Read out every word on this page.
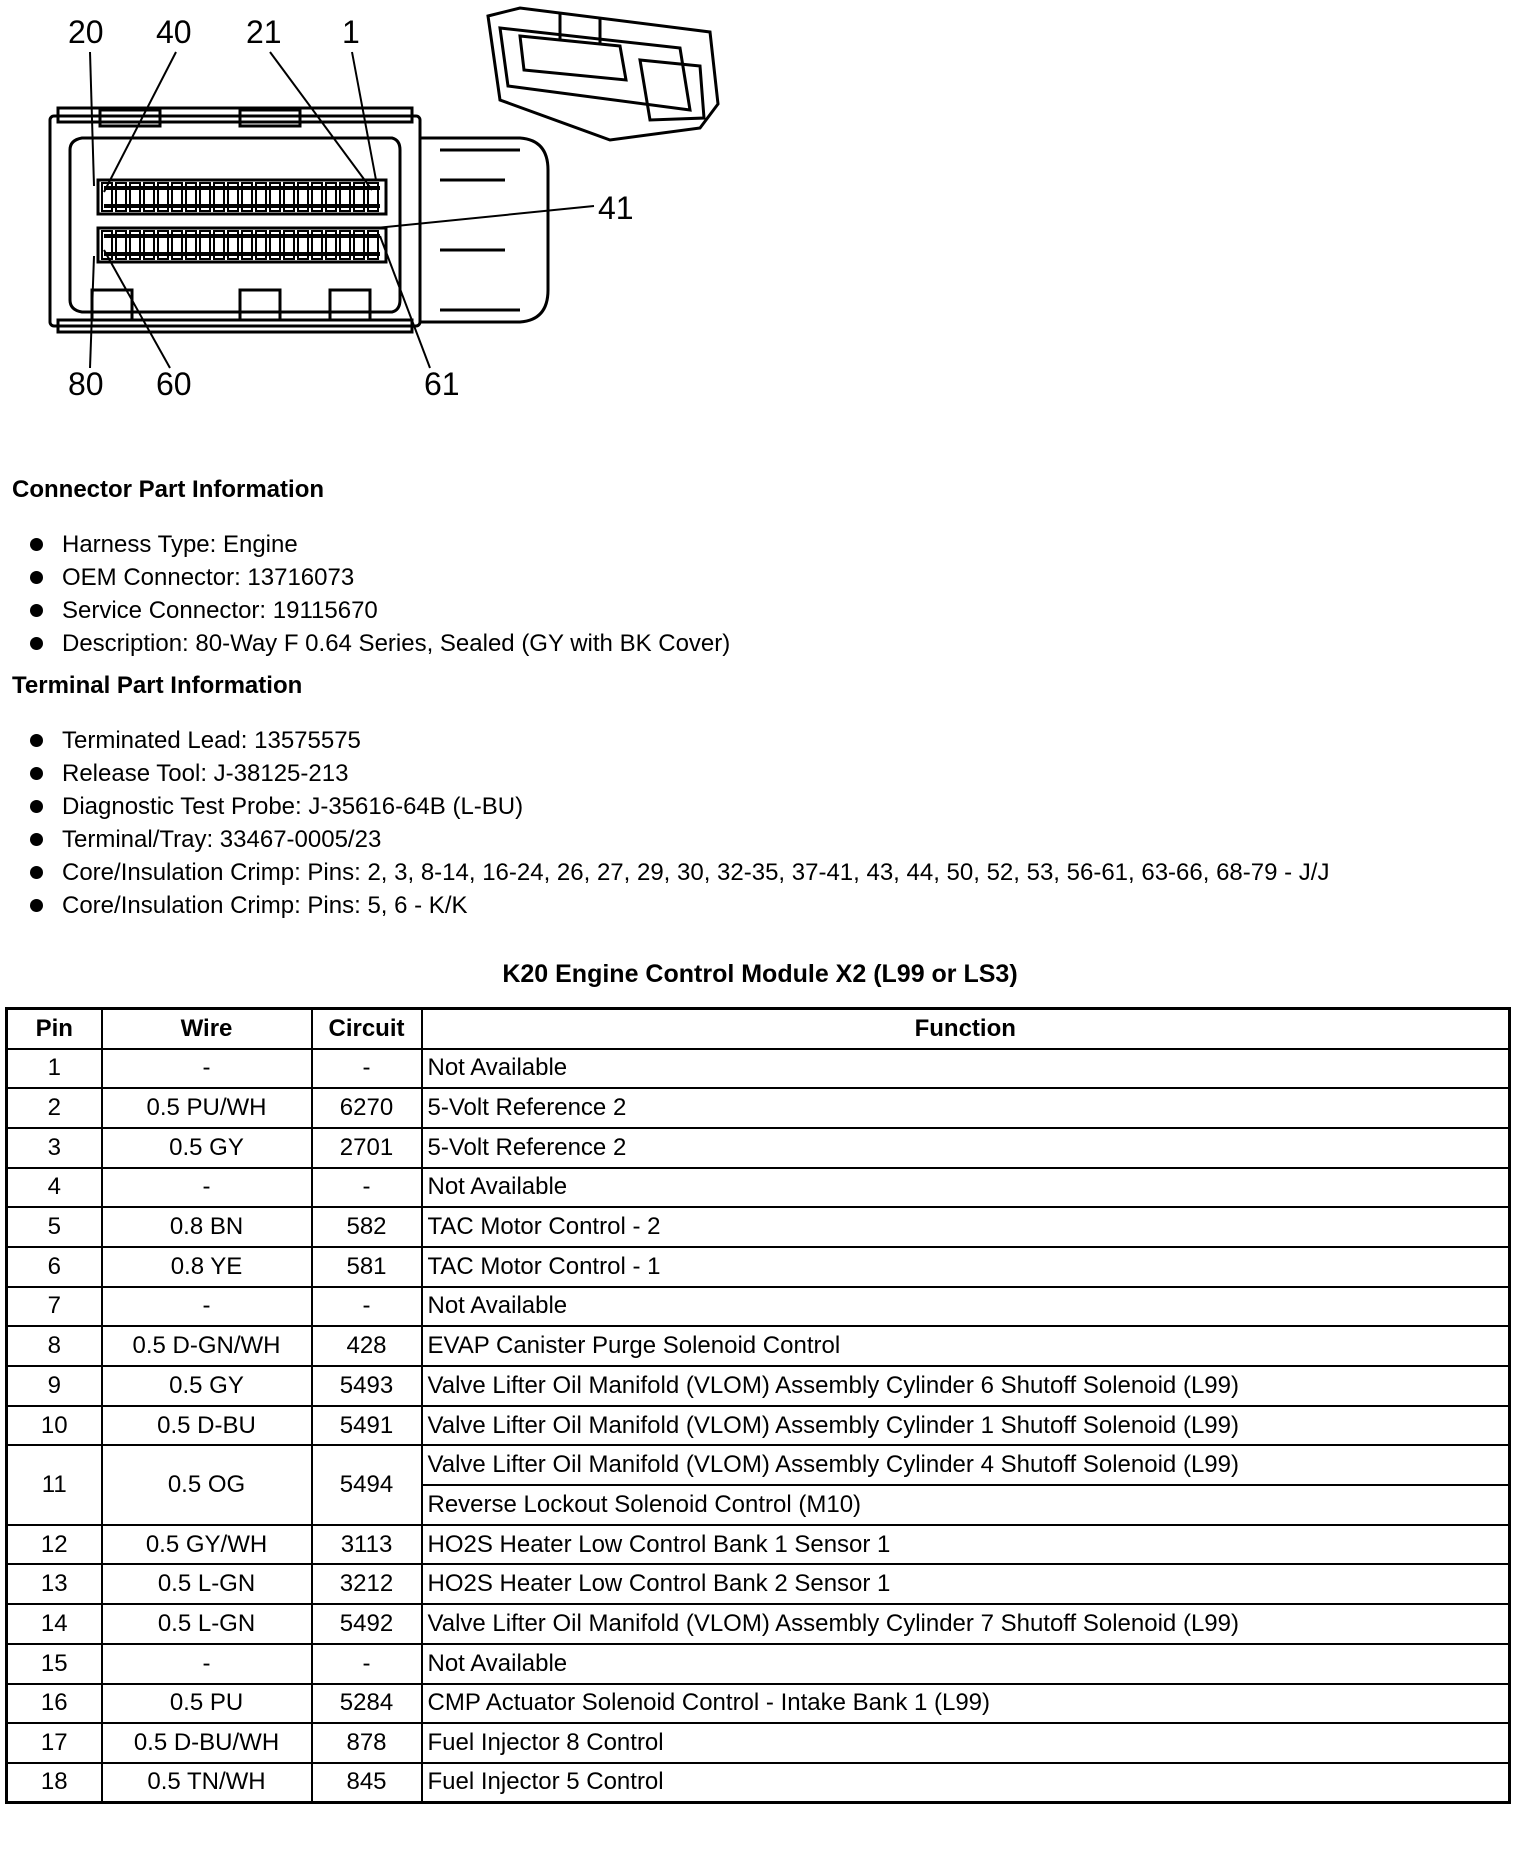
20 40 21 1
41
80 60	61
Connector Part Information
Harness Type: Engine
OEM Connector: 13716073
Service Connector: 19115670
Description: 80-Way F 0.64 Series, Sealed (GY with BK Cover)
Terminal Part Information
Terminated Lead: 13575575
Release Tool: J-38125-213
Diagnostic Test Probe: J-35616-64B (L-BU)
Terminal/Tray: 33467-0005/23
Core/Insulation Crimp: Pins: 2, 3, 8-14, 16-24, 26, 27, 29, 30, 32-35, 37-41, 43, 44, 50, 52, 53, 56-61, 63-66, 68-79 - J/J
Core/Insulation Crimp: Pins: 5, 6 - K/K
K20 Engine Control Module X2 (L99 or LS3)
Pin	Wire	Circuit	Function
1	-	-	Not Available
2	0.5 PU/WH	6270	5-Volt Reference 2
3	0.5 GY	2701	5-Volt Reference 2
4	-	-	Not Available
5	0.8 BN	582	TAC Motor Control - 2
6	0.8 YE	581	TAC Motor Control - 1
7	-	-	Not Available
8	0.5 D-GN/WH	428	EVAP Canister Purge Solenoid Control
9	0.5 GY	5493	Valve Lifter Oil Manifold (VLOM) Assembly Cylinder 6 Shutoff Solenoid (L99)
10	0.5 D-BU	5491	Valve Lifter Oil Manifold (VLOM) Assembly Cylinder 1 Shutoff Solenoid (L99)
11	0.5 OG	5494	Valve Lifter Oil Manifold (VLOM) Assembly Cylinder 4 Shutoff Solenoid (L99)
			Reverse Lockout Solenoid Control (M10)
12	0.5 GY/WH	3113	HO2S Heater Low Control Bank 1 Sensor 1
13	0.5 L-GN	3212	HO2S Heater Low Control Bank 2 Sensor 1
14	0.5 L-GN	5492	Valve Lifter Oil Manifold (VLOM) Assembly Cylinder 7 Shutoff Solenoid (L99)
15	-	-	Not Available
16	0.5 PU	5284	CMP Actuator Solenoid Control - Intake Bank 1 (L99)
17	0.5 D-BU/WH	878	Fuel Injector 8 Control
18	0.5 TN/WH	845	Fuel Injector 5 Control
